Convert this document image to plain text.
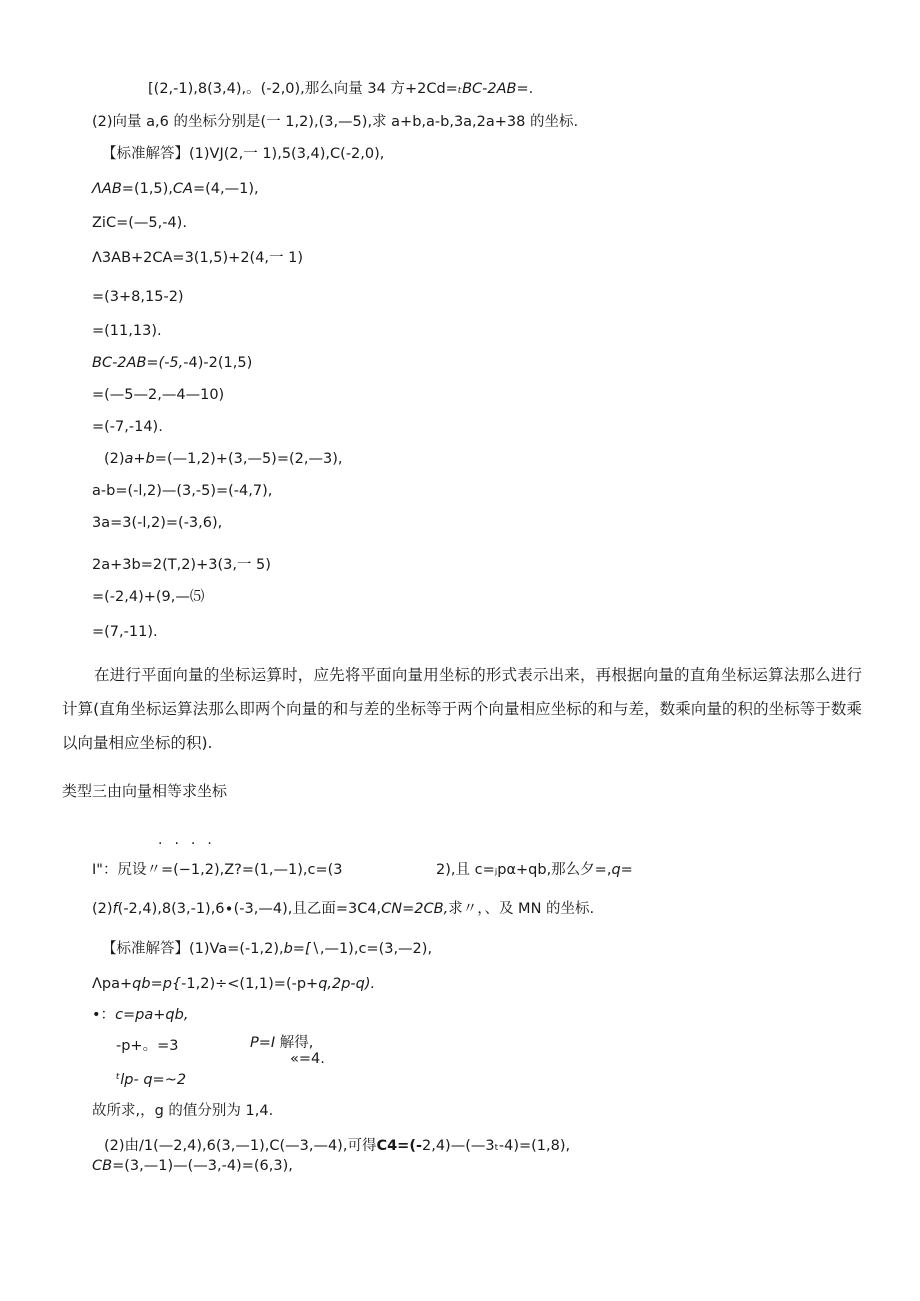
[(2,-1),8(3,4),。(-2,0),那么向量 34 方+2Cd=ₜBC-2AB=.
(2)向量 a,6 的坐标分别是(一 1,2),(3,—5),求 a+b,a-b,3a,2a+38 的坐标.
【标准解答】(1)VJ(2,一 1),5(3,4),C(-2,0),
ΛAB=(1,5),CA=(4,—1),
ZiC=(—5,-4).
Λ3AB+2CA=3(1,5)+2(4,一 1)
=(3+8,15-2)
=(11,13).
BC-2AB=(-5,-4)-2(1,5)
=(—5—2,—4—10)
=(-7,-14).
(2)a+b=(—1,2)+(3,—5)=(2,—3),
a-b=(-l,2)—(3,-5)=(-4,7),
3a=3(-l,2)=(-3,6),
2a+3b=2(T,2)+3(3,一 5)
=(-2,4)+(9,—⑸
=(7,-11).
在进行平面向量的坐标运算时，应先将平面向量用坐标的形式表示出来，再根据向量的直角坐标运算法那么进行计算(直角坐标运算法那么即两个向量的和与差的坐标等于两个向量相应坐标的和与差，数乘向量的积的坐标等于数乘以向量相应坐标的积).
类型三由向量相等求坐标
....
I"：尻设〃=(−1,2),Z?=(1,—1),c=(3	2),且 c=ⱼpα+qb,那么夕=,q=
(2)f(-2,4),8(3,-1),6∙(-3,—4),且乙面=3C4,CN=2CB,求〃，、及 MN 的坐标.
【标准解答】(1)Va=(-1,2),b=[∖,—1),c=(3,—2),
Λpa+qb=p{-1,2)÷<(1,1)=(-p+q,2p-q).
•：c=pa+qb,
-p+。=3	P=I 解得,
«=4.
ᵗlp- q=~2
故所求,，g 的值分别为 1,4.
(2)由/1(—2,4),6(3,—1),C(—3,—4),可得C4=(-2,4)—(—3ₜ-4)=(1,8),
CB=(3,—1)—(—3,-4)=(6,3),
